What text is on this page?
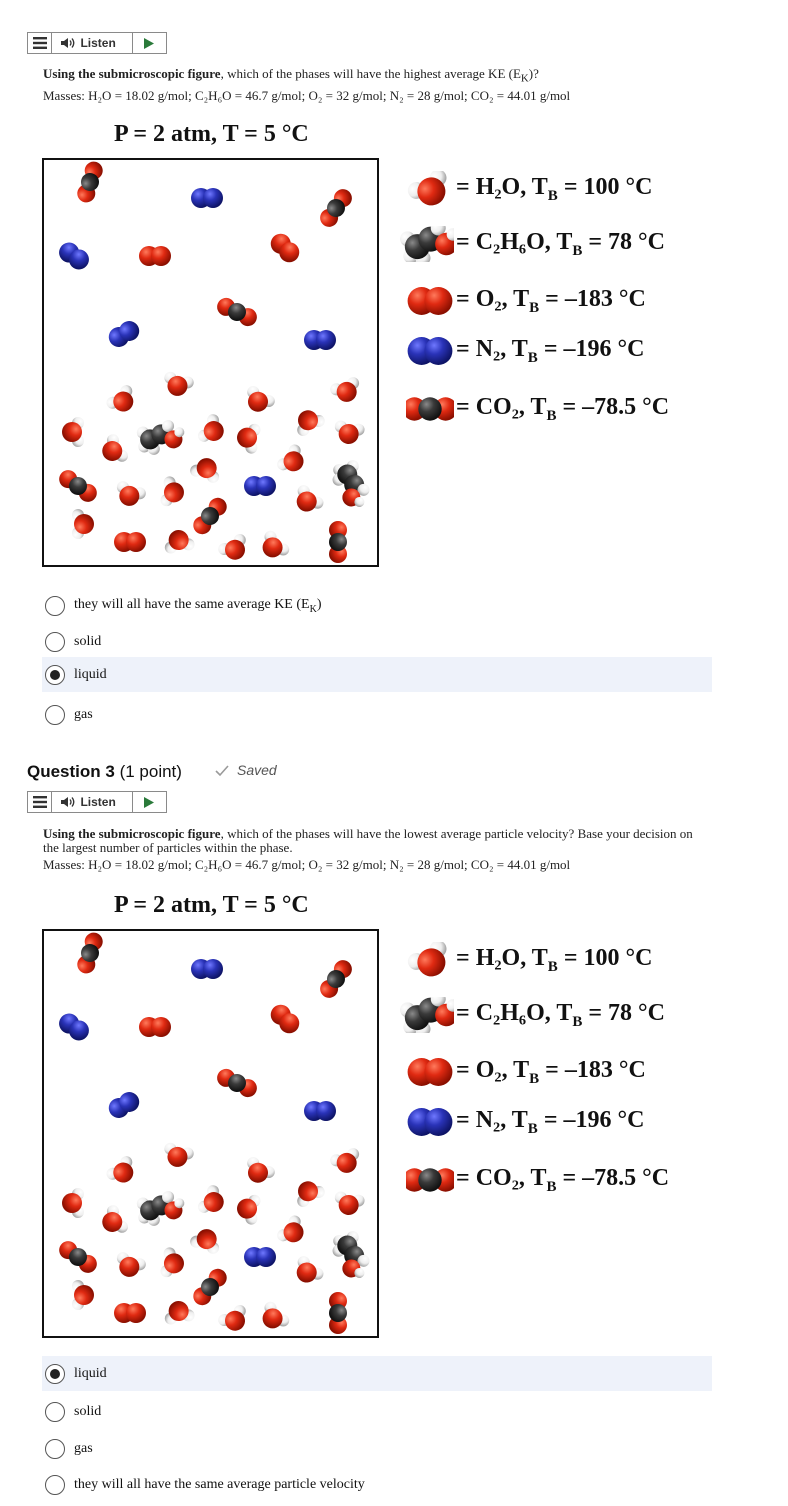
Listen
Using the submicroscopic figure, which of the phases will have the highest average KE $(E_K)$?
Masses: H₂O = 18.02 g/mol; C₂H₆O = 46.7 g/mol; O₂ = 32 g/mol; N₂ = 28 g/mol; CO₂ = 44.01 g/mol
P = 2 atm, T = 5 °C
= H₂O, $T_B = 100$ °C
= C₂H₆O, $T_B = 78$ °C
= O₂, $T_B = -183$ °C
= N₂, $T_B = -196$ °C
= CO₂, $T_B = -78.5$ °C
they will all have the same average KE $(E_K)$
solid
liquid
gas
Question 3 (1 point)	Saved
Listen
Using the submicroscopic figure, which of the phases will have the lowest average particle velocity? Base your decision on the largest number of particles within the phase.
Masses: H₂O = 18.02 g/mol; C₂H₆O = 46.7 g/mol; O₂ = 32 g/mol; N₂ = 28 g/mol; CO₂ = 44.01 g/mol
P = 2 atm, T = 5 °C
= H₂O, $T_B = 100$ °C
= C₂H₆O, $T_B = 78$ °C
= O₂, $T_B = -183$ °C
= N₂, $T_B = -196$ °C
= CO₂, $T_B = -78.5$ °C
liquid
solid
gas
they will all have the same average particle velocity
